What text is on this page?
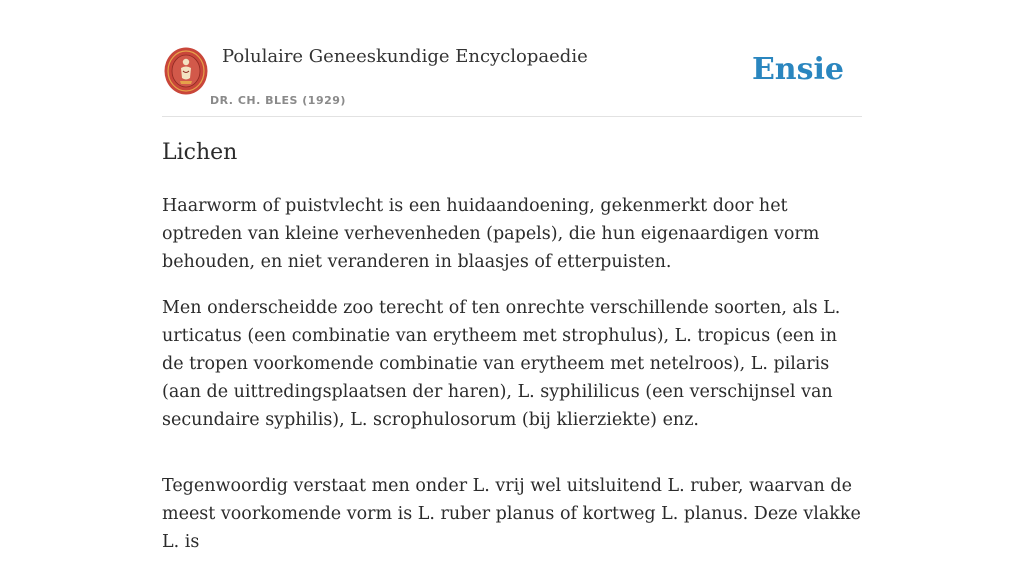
Polulaire Geneeskundige Encyclopaedie
DR. CH. BLES (1929)
Ensie
Lichen

Haarworm of puistvlecht is een huidaandoening, gekenmerkt door het optreden van kleine verhevenheden (papels), die hun eigenaardigen vorm behouden, en niet veranderen in blaasjes of etterpuisten.

Men onderscheidde zoo terecht of ten onrechte verschillende soorten, als L. urticatus (een combinatie van erytheem met strophulus), L. tropicus (een in de tropen voorkomende combinatie van erytheem met netelroos), L. pilaris (aan de uittredingsplaatsen der haren), L. syphililicus (een verschijnsel van secundaire syphilis), L. scrophulosorum (bij klierziekte) enz.

Tegenwoordig verstaat men onder L. vrij wel uitsluitend L. ruber, waarvan de meest voorkomende vorm is L. ruber planus of kortweg L. planus. Deze vlakke L. is
